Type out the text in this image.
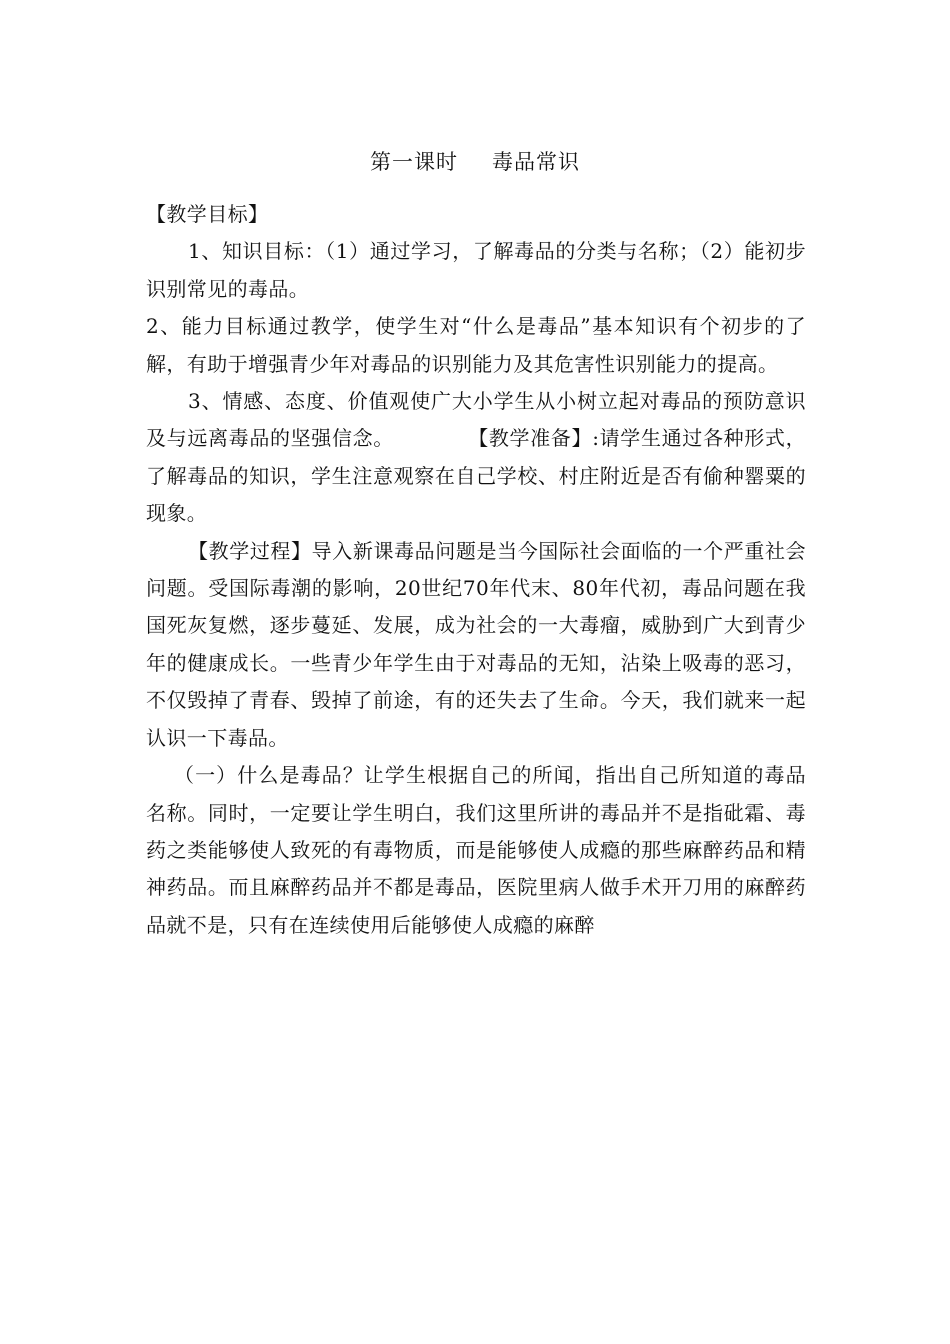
第一课时 毒品常识

【教学目标】

1、知识目标：（1）通过学习，了解毒品的分类与名称；（2）能初步识别常见的毒品。

2、能力目标通过教学，使学生对“什么是毒品”基本知识有个初步的了解，有助于增强青少年对毒品的识别能力及其危害性识别能力的提高。

3、情感、态度、价值观使广大小学生从小树立起对毒品的预防意识及与远离毒品的坚强信念。	【教学准备】:请学生通过各种形式，了解毒品的知识，学生注意观察在自己学校、村庄附近是否有偷种罂粟的现象。

【教学过程】导入新课毒品问题是当今国际社会面临的一个严重社会问题。受国际毒潮的影响，20世纪70年代末、80年代初，毒品问题在我国死灰复燃，逐步蔓延、发展，成为社会的一大毒瘤，威胁到广大到青少年的健康成长。一些青少年学生由于对毒品的无知，沾染上吸毒的恶习，不仅毁掉了青春、毁掉了前途，有的还失去了生命。今天，我们就来一起认识一下毒品。

（一）什么是毒品？让学生根据自己的所闻，指出自己所知道的毒品名称。同时，一定要让学生明白，我们这里所讲的毒品并不是指砒霜、毒药之类能够使人致死的有毒物质，而是能够使人成瘾的那些麻醉药品和精神药品。而且麻醉药品并不都是毒品，医院里病人做手术开刀用的麻醉药品就不是，只有在连续使用后能够使人成瘾的麻醉
